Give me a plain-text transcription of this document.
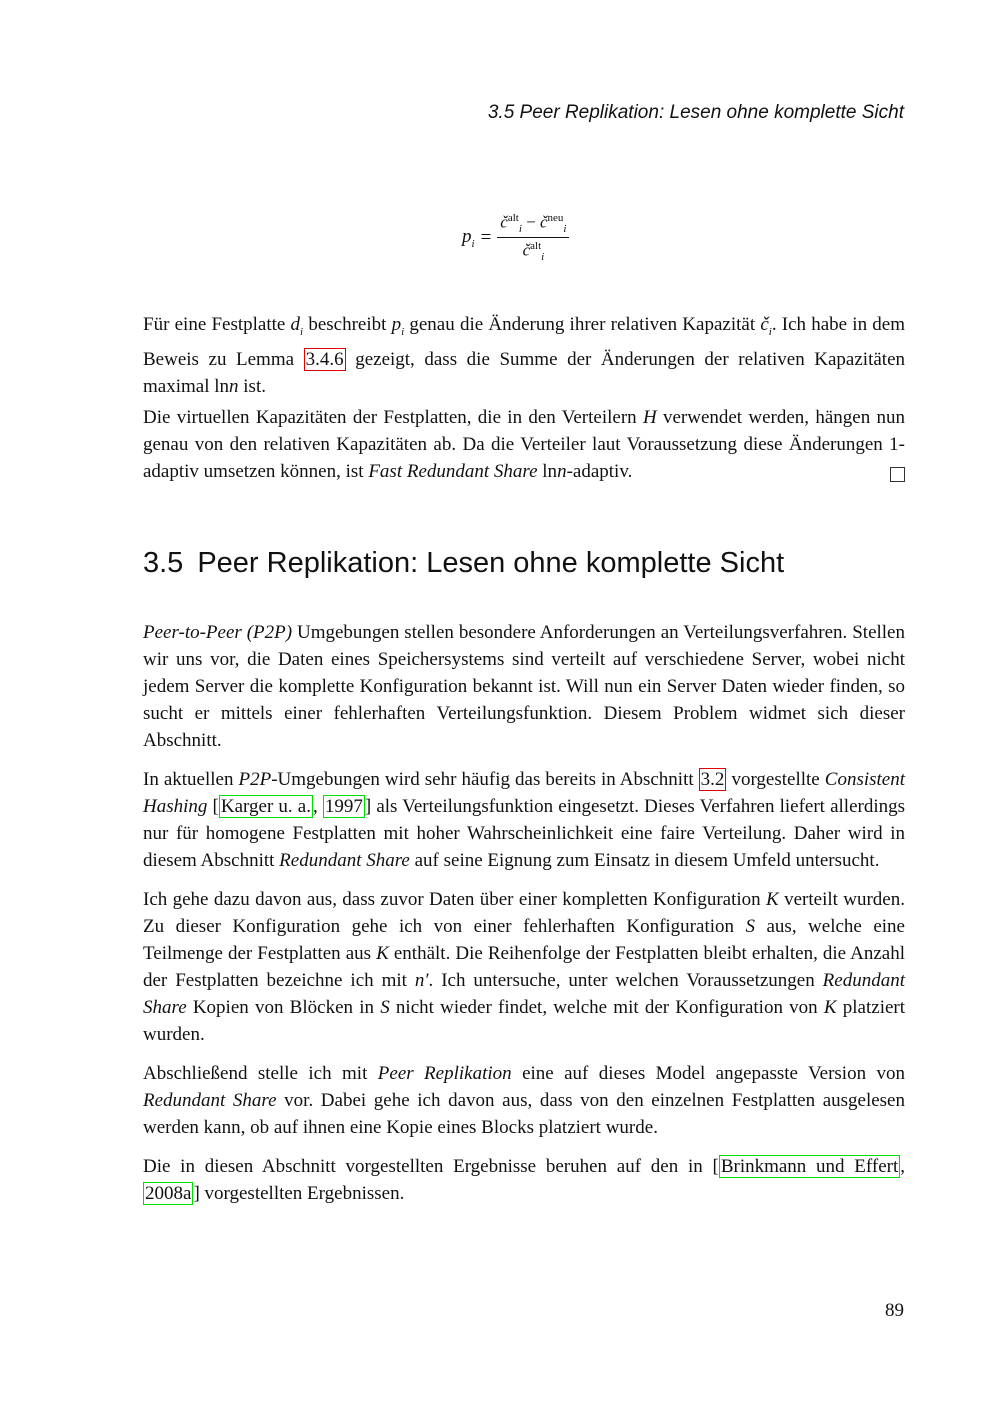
3.5 Peer Replikation: Lesen ohne komplette Sicht
$p_i = \frac{č^{alt}_i - č^{neu}_i}{č^{alt}_i}$

Für eine Festplatte $d_i$ beschreibt $p_i$ genau die Änderung ihrer relativen Kapazität $č_i$. Ich habe in dem Beweis zu Lemma 3.4.6 gezeigt, dass die Summe der Änderungen der relativen Kapazitäten maximal lnn ist.

Die virtuellen Kapazitäten der Festplatten, die in den Verteilern H verwendet werden, hängen nun genau von den relativen Kapazitäten ab. Da die Verteiler laut Voraussetzung diese Änderungen 1-adaptiv umsetzen können, ist Fast Redundant Share lnn-adaptiv.

3.5 Peer Replikation: Lesen ohne komplette Sicht

Peer-to-Peer (P2P) Umgebungen stellen besondere Anforderungen an Verteilungsverfahren. Stellen wir uns vor, die Daten eines Speichersystems sind verteilt auf verschiedene Server, wobei nicht jedem Server die komplette Konfiguration bekannt ist. Will nun ein Server Daten wieder finden, so sucht er mittels einer fehlerhaften Verteilungsfunktion. Diesem Problem widmet sich dieser Abschnitt.

In aktuellen P2P-Umgebungen wird sehr häufig das bereits in Abschnitt 3.2 vorgestellte Consistent Hashing [ Karger u. a. , 1997 ] als Verteilungsfunktion eingesetzt. Dieses Verfahren liefert allerdings nur für homogene Festplatten mit hoher Wahrscheinlichkeit eine faire Verteilung. Daher wird in diesem Abschnitt Redundant Share auf seine Eignung zum Einsatz in diesem Umfeld untersucht.

Ich gehe dazu davon aus, dass zuvor Daten über einer kompletten Konfiguration K verteilt wurden. Zu dieser Konfiguration gehe ich von einer fehlerhaften Konfiguration S aus, welche eine Teilmenge der Festplatten aus K enthält. Die Reihenfolge der Festplatten bleibt erhalten, die Anzahl der Festplatten bezeichne ich mit n′. Ich untersuche, unter welchen Voraussetzungen Redundant Share Kopien von Blöcken in S nicht wieder findet, welche mit der Konfiguration von K platziert wurden.

Abschließend stelle ich mit Peer Replikation eine auf dieses Model angepasste Version von Redundant Share vor. Dabei gehe ich davon aus, dass von den einzelnen Festplatten ausgelesen werden kann, ob auf ihnen eine Kopie eines Blocks platziert wurde.

Die in diesen Abschnitt vorgestellten Ergebnisse beruhen auf den in [ Brinkmann und Effert , 2008a ] vorgestellten Ergebnissen.

89
